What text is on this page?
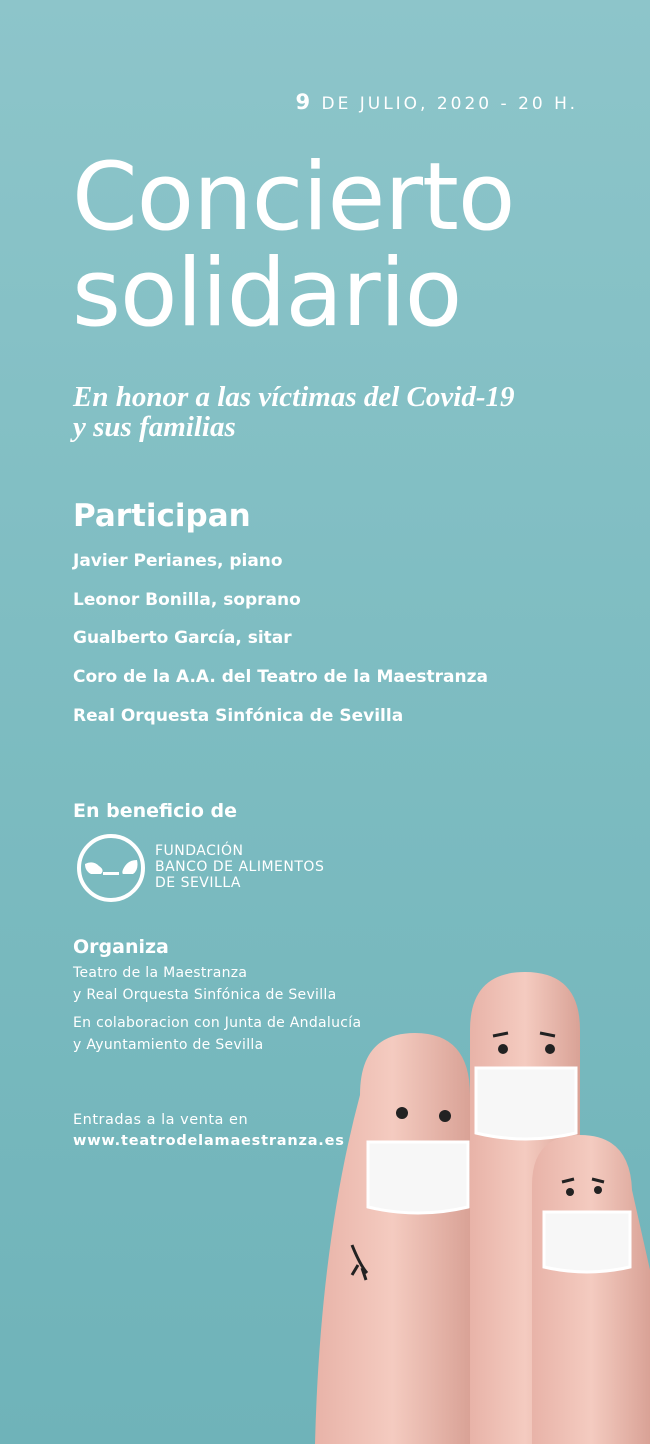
9 DE JULIO, 2020 - 20 H.
Concierto
solidario
En honor a las víctimas del Covid-19
y sus familias
Participan
Javier Perianes, piano
Leonor Bonilla, soprano
Gualberto García, sitar
Coro de la A.A. del Teatro de la Maestranza
Real Orquesta Sinfónica de Sevilla
En beneficio de
FUNDACIÓN
BANCO DE ALIMENTOS
DE SEVILLA
Organiza
Teatro de la Maestranza
y Real Orquesta Sinfónica de Sevilla
En colaboracion con Junta de Andalucía
y Ayuntamiento de Sevilla
Entradas a la venta en
www.teatrodelamaestranza.es
